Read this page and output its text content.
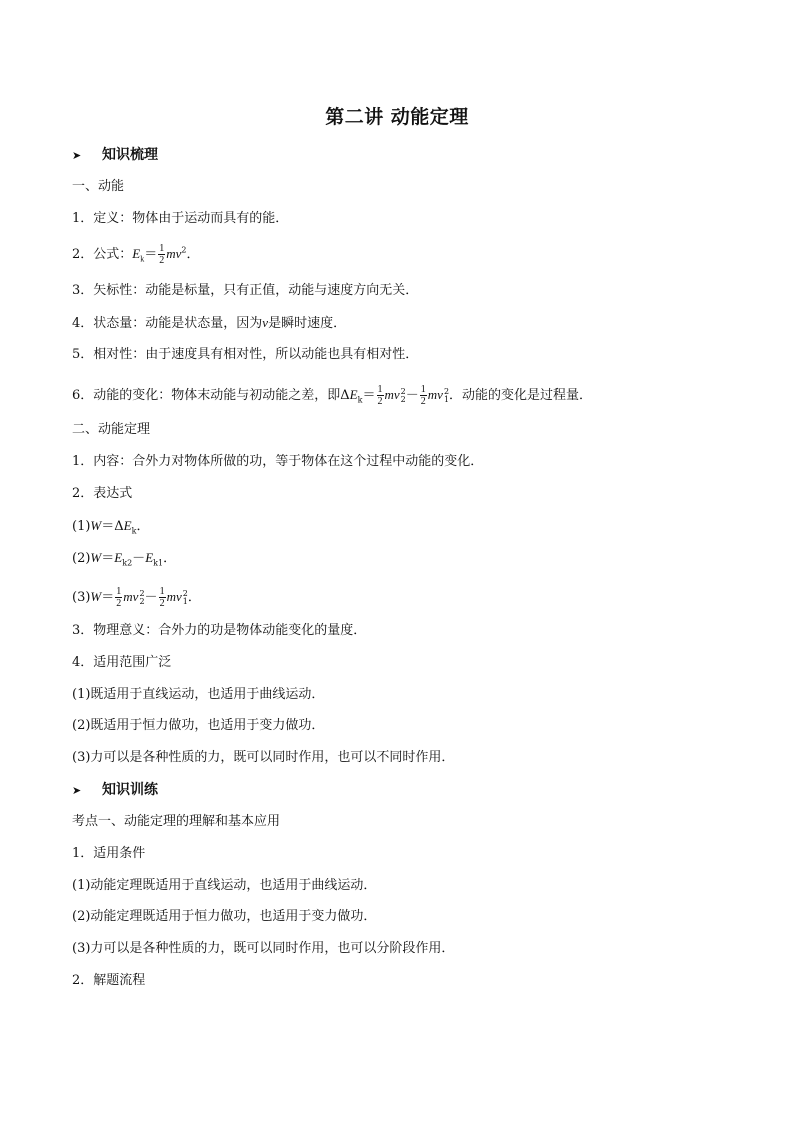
第二讲 动能定理
➤ 知识梳理
一、动能
1．定义：物体由于运动而具有的能．
2．公式：$E_k= \frac{1}{2} mv^2$．
3．矢标性：动能是标量，只有正值，动能与速度方向无关．
4．状态量：动能是状态量，因为v是瞬时速度．
5．相对性：由于速度具有相对性，所以动能也具有相对性．
6．动能的变化：物体末动能与初动能之差，即$\Delta E_k= \frac{1}{2}$ mv 2
$2 - \frac{1}{2}$ mv 2
1 ．动能的变化是过程量．
二、动能定理
1．内容：合外力对物体所做的功，等于物体在这个过程中动能的变化．
2．表达式
$(1)W=\Delta E_k$．
$(2)W=E_{k2}-E_{k1}$．
$(3)W= \frac{1}{2}$ mv 2
$2 - \frac{1}{2}$ mv 2
1 ．
3．物理意义：合外力的功是物体动能变化的量度．
4．适用范围广泛
(1)既适用于直线运动，也适用于曲线运动．
(2)既适用于恒力做功，也适用于变力做功．
(3)力可以是各种性质的力，既可以同时作用，也可以不同时作用．
➤ 知识训练
考点一、动能定理的理解和基本应用
1．适用条件
(1)动能定理既适用于直线运动，也适用于曲线运动．
(2)动能定理既适用于恒力做功，也适用于变力做功．
(3)力可以是各种性质的力，既可以同时作用，也可以分阶段作用．
2．解题流程
